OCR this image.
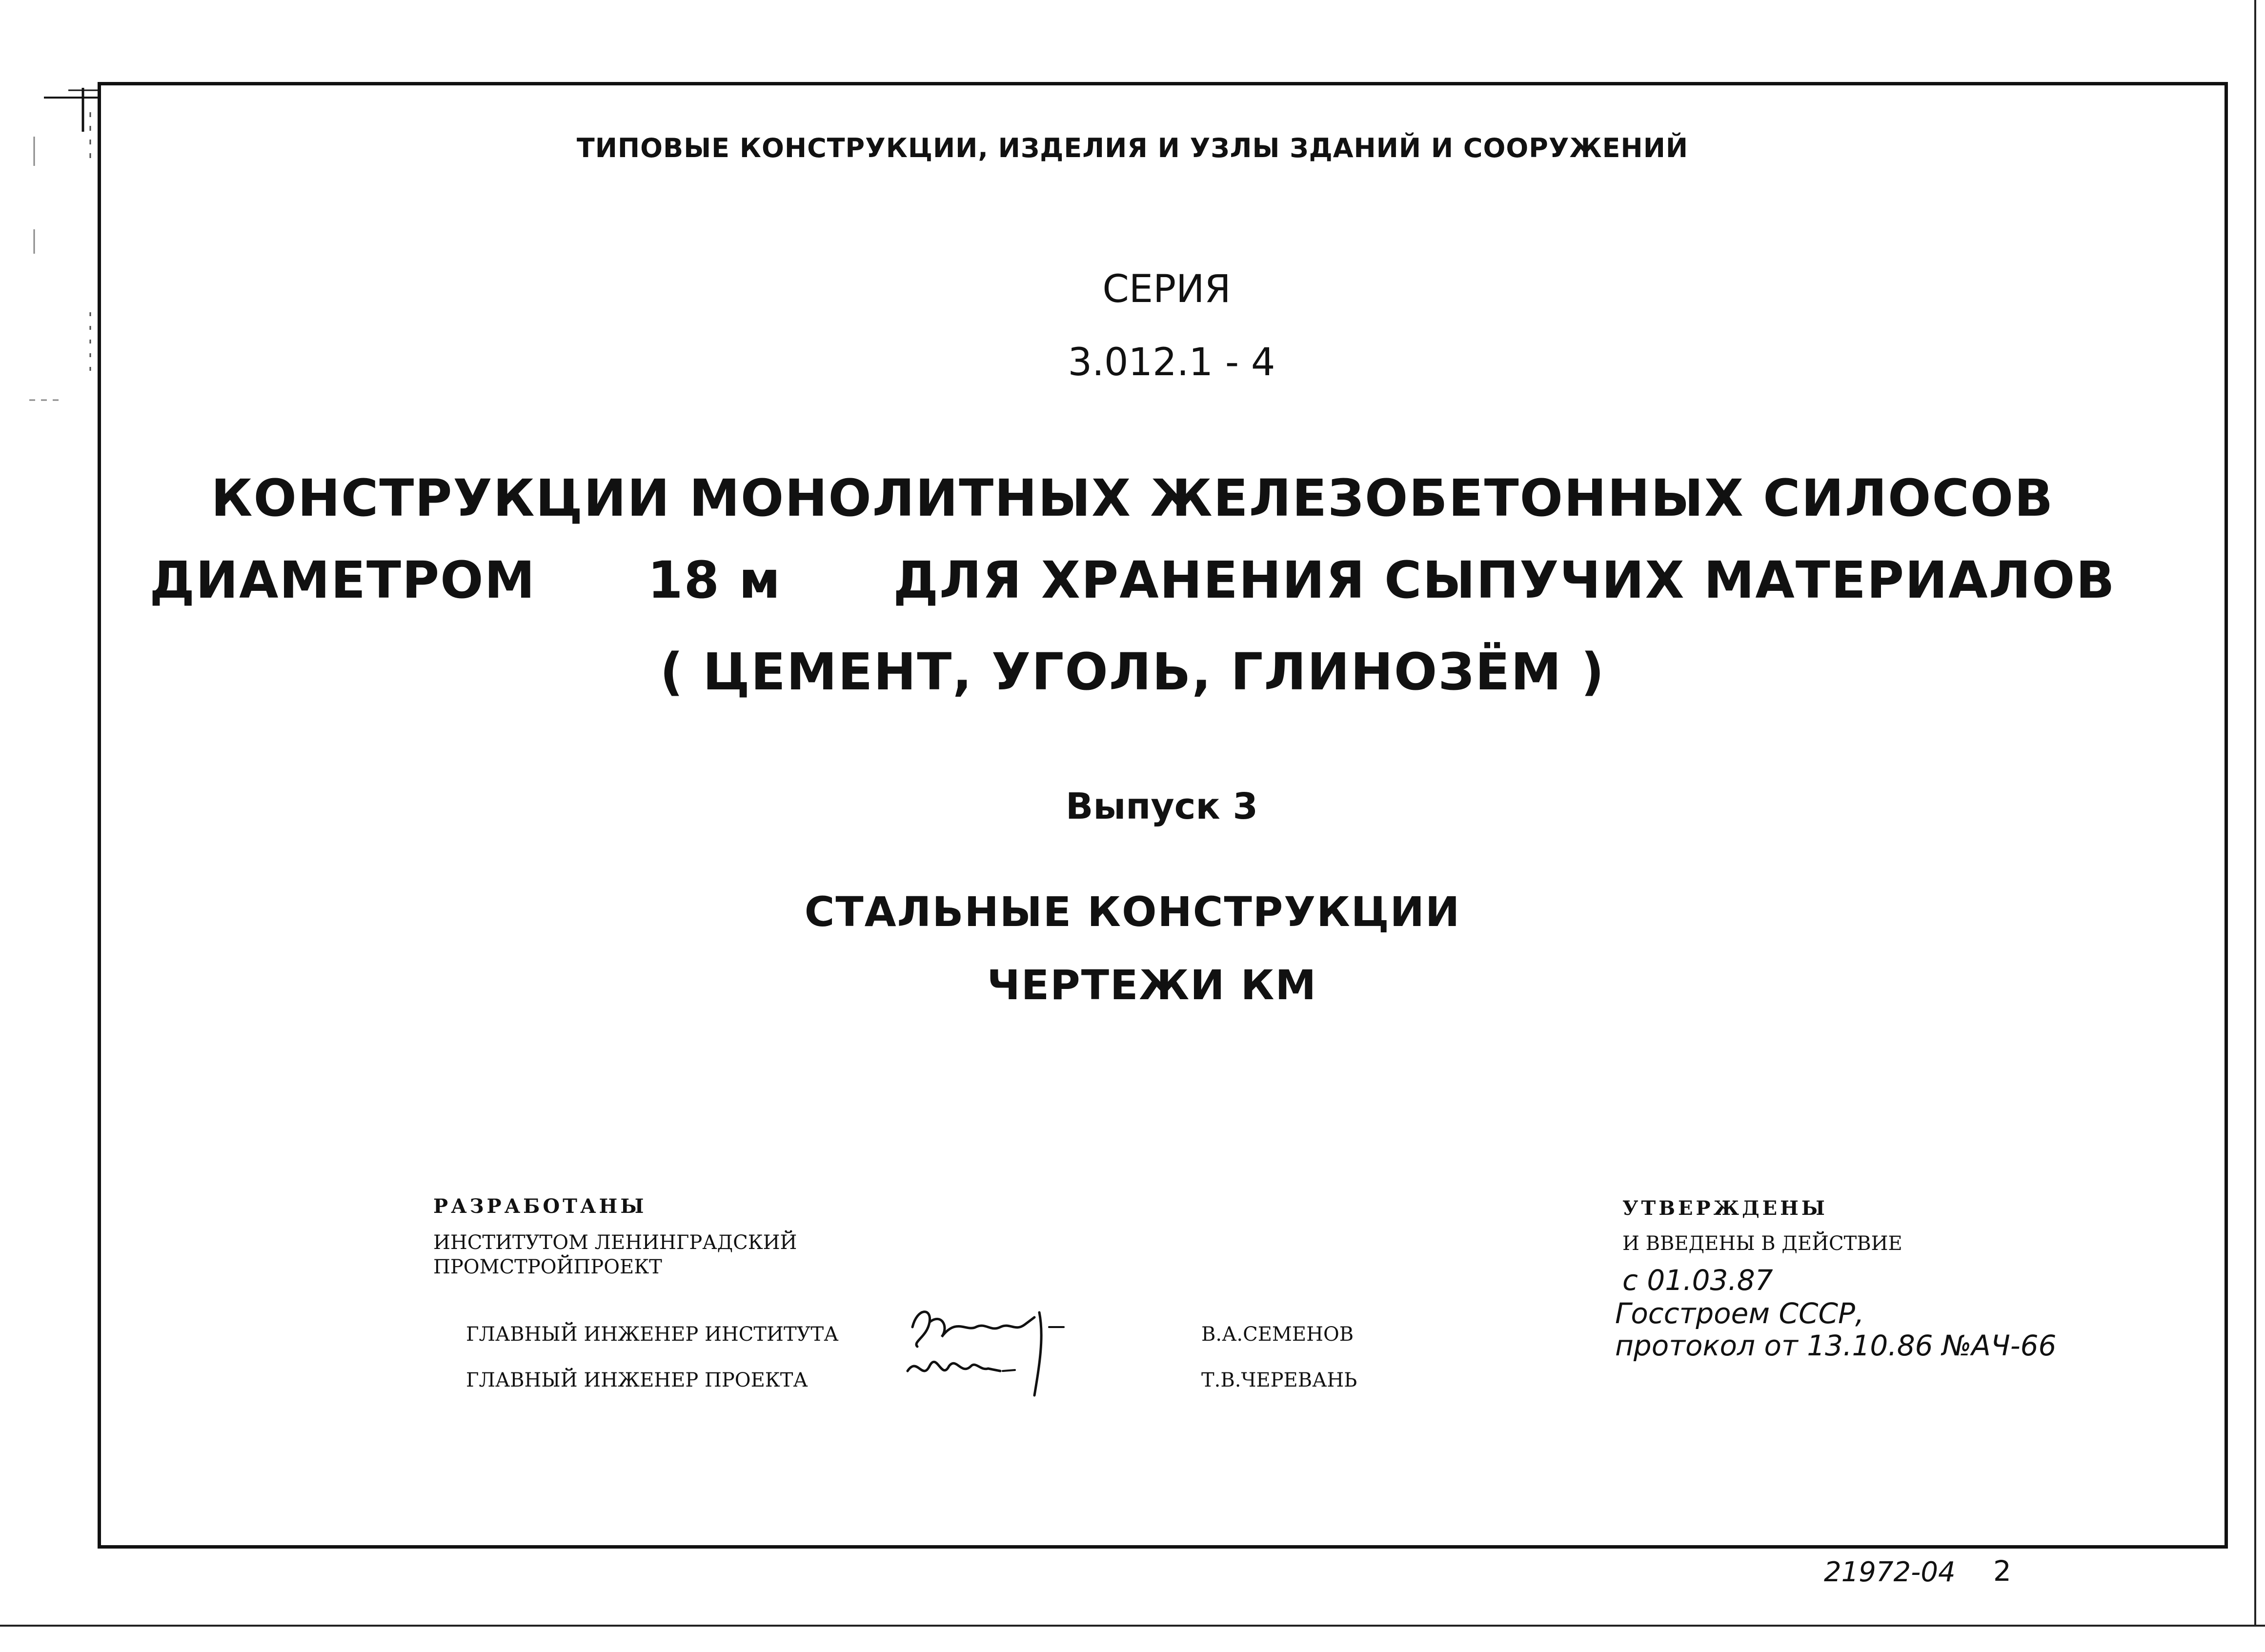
ТИПОВЫЕ КОНСТРУКЦИИ, ИЗДЕЛИЯ И УЗЛЫ ЗДАНИЙ И СООРУЖЕНИЙ
СЕРИЯ
3.012.1 - 4
КОНСТРУКЦИИ МОНОЛИТНЫХ ЖЕЛЕЗОБЕТОННЫХ СИЛОСОВ
ДИАМЕТРОМ      18 м      ДЛЯ ХРАНЕНИЯ СЫПУЧИХ МАТЕРИАЛОВ
( ЦЕМЕНТ, УГОЛЬ, ГЛИНОЗЁМ )
Выпуск 3
СТАЛЬНЫЕ КОНСТРУКЦИИ
ЧЕРТЕЖИ КМ
РАЗРАБОТАНЫ
ИНСТИТУТОМ ЛЕНИНГРАДСКИЙ
ПРОМСТРОЙПРОЕКТ
ГЛАВНЫЙ ИНЖЕНЕР ИНСТИТУТА
ГЛАВНЫЙ ИНЖЕНЕР ПРОЕКТА
В.А.СЕМЕНОВ
Т.В.ЧЕРЕВАНЬ
УТВЕРЖДЕНЫ
И ВВЕДЕНЫ В ДЕЙСТВИЕ
с 01.03.87
Госстроем СССР,
протокол от 13.10.86 №АЧ-66
21972-04 2
